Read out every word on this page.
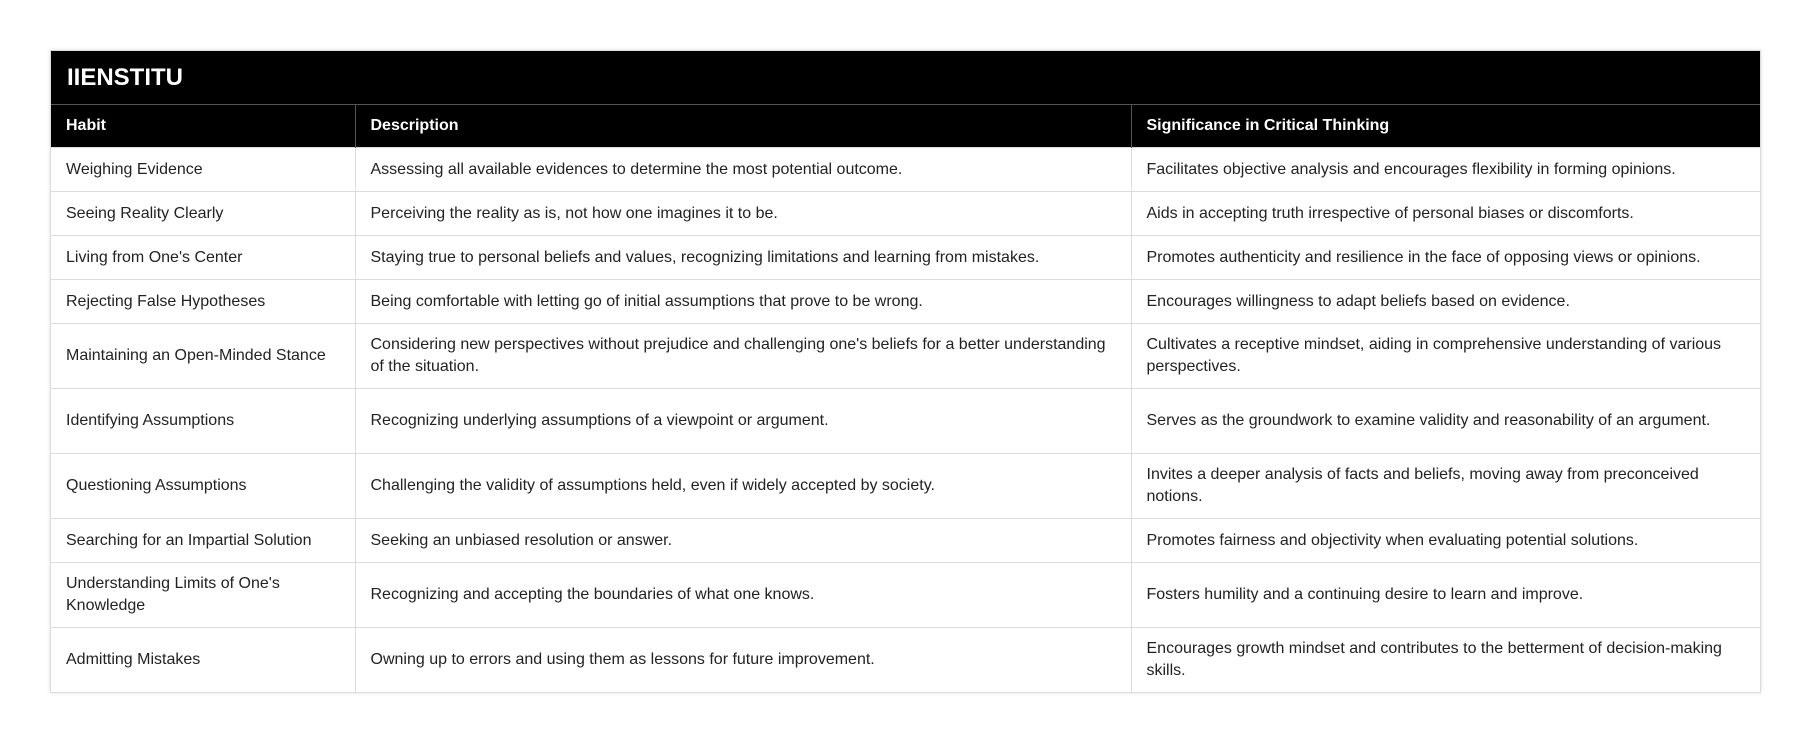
IIENSTITU
Habit	Description	Significance in Critical Thinking
Weighing Evidence	Assessing all available evidences to determine the most potential outcome.	Facilitates objective analysis and encourages flexibility in forming opinions.
Seeing Reality Clearly	Perceiving the reality as is, not how one imagines it to be.	Aids in accepting truth irrespective of personal biases or discomforts.
Living from One's Center	Staying true to personal beliefs and values, recognizing limitations and learning from mistakes.	Promotes authenticity and resilience in the face of opposing views or opinions.
Rejecting False Hypotheses	Being comfortable with letting go of initial assumptions that prove to be wrong.	Encourages willingness to adapt beliefs based on evidence.
Maintaining an Open-Minded Stance	Considering new perspectives without prejudice and challenging one's beliefs for a better understanding of the situation.	Cultivates a receptive mindset, aiding in comprehensive understanding of various perspectives.
Identifying Assumptions	Recognizing underlying assumptions of a viewpoint or argument.	Serves as the groundwork to examine validity and reasonability of an argument.
Questioning Assumptions	Challenging the validity of assumptions held, even if widely accepted by society.	Invites a deeper analysis of facts and beliefs, moving away from preconceived notions.
Searching for an Impartial Solution	Seeking an unbiased resolution or answer.	Promotes fairness and objectivity when evaluating potential solutions.
Understanding Limits of One's Knowledge	Recognizing and accepting the boundaries of what one knows.	Fosters humility and a continuing desire to learn and improve.
Admitting Mistakes	Owning up to errors and using them as lessons for future improvement.	Encourages growth mindset and contributes to the betterment of decision-making skills.
